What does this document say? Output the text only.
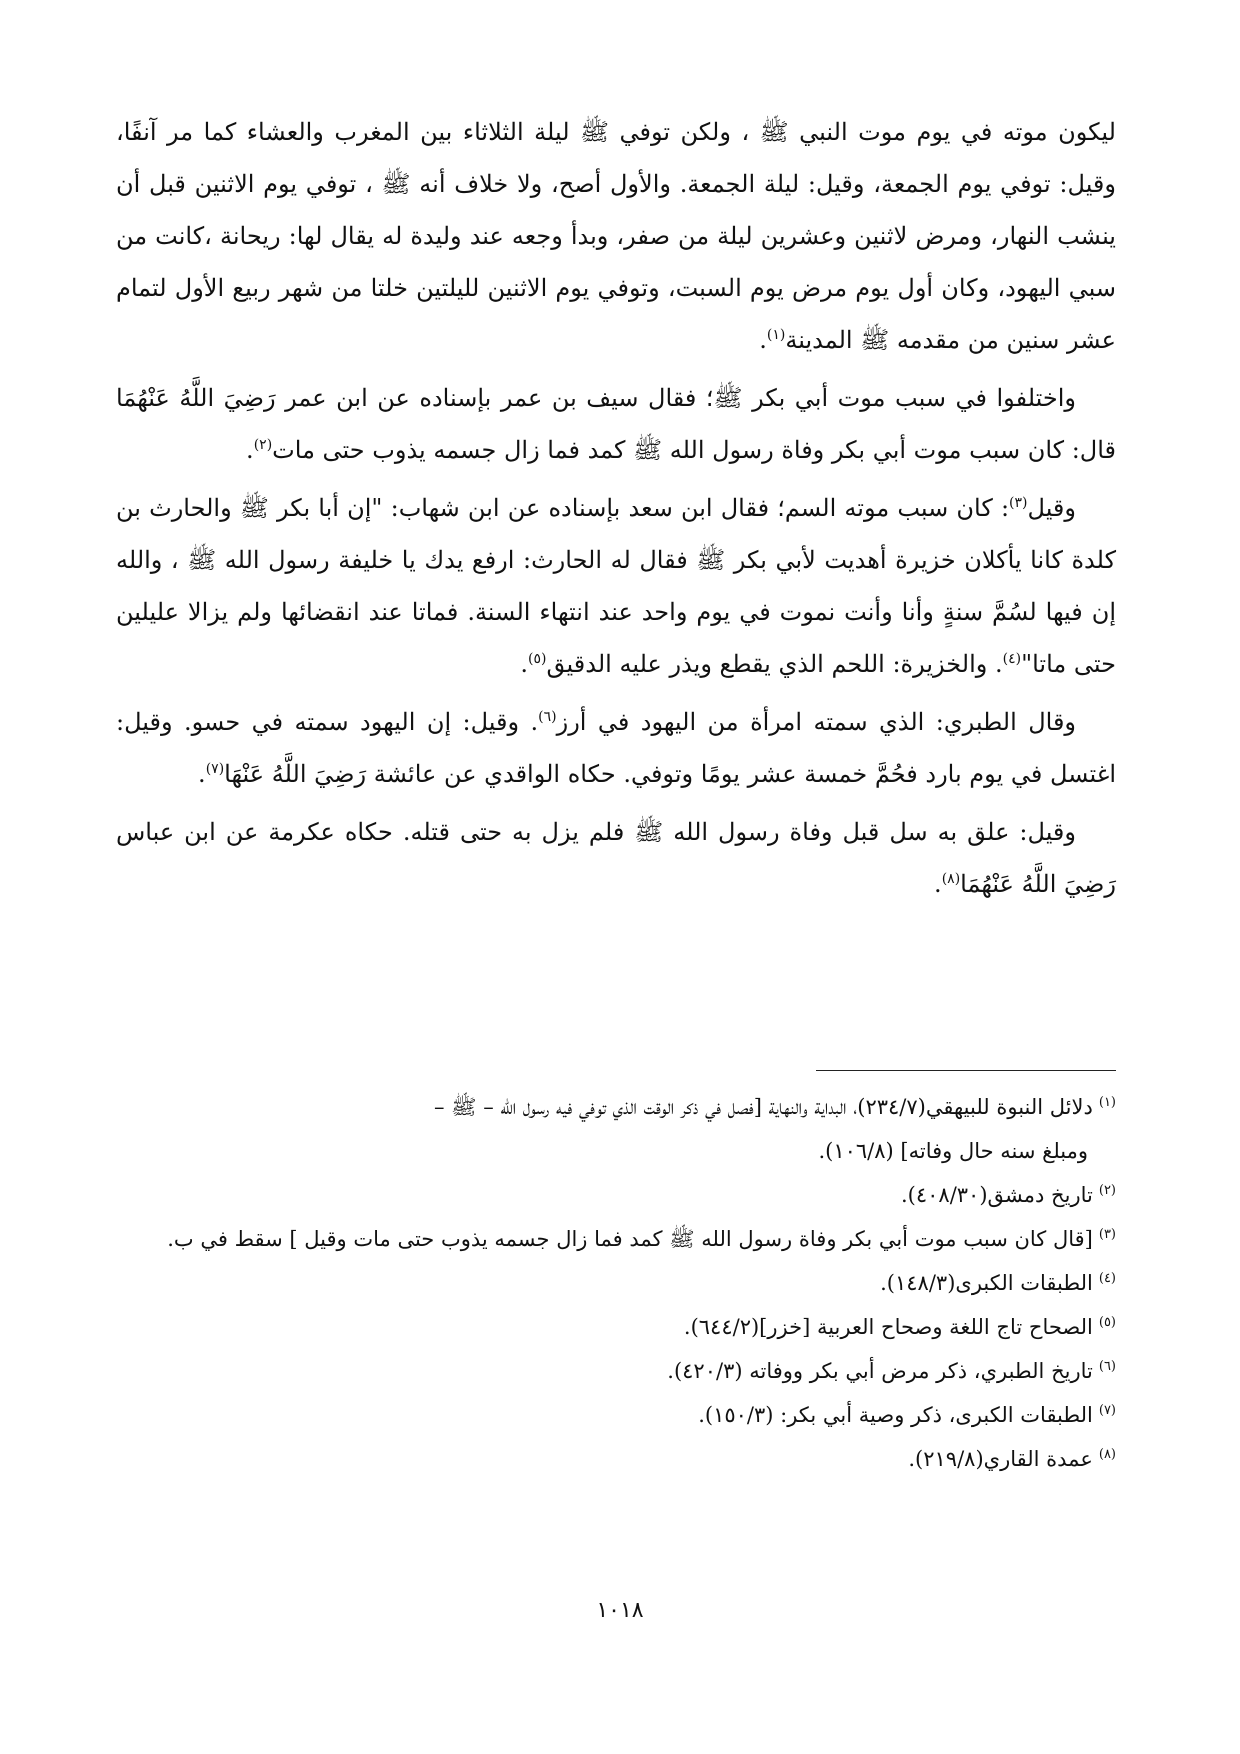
ليكون موته في يوم موت النبي ﷺ ، ولكن توفي ﷺ ليلة الثلاثاء بين المغرب والعشاء كما مر آنفًا، وقيل: توفي يوم الجمعة، وقيل: ليلة الجمعة. والأول أصح، ولا خلاف أنه ﷺ ، توفي يوم الاثنين قبل أن ينشب النهار، ومرض لاثنين وعشرين ليلة من صفر، وبدأ وجعه عند وليدة له يقال لها: ريحانة ،كانت من سبي اليهود، وكان أول يوم مرض يوم السبت، وتوفي يوم الاثنين لليلتين خلتا من شهر ربيع الأول لتمام عشر سنين من مقدمه ﷺ المدينة$^{(١)}$.

واختلفوا في سبب موت أبي بكر ﷺ؛ فقال سيف بن عمر بإسناده عن ابن عمر رَضِيَ اللَّهُ عَنْهُمَا قال: كان سبب موت أبي بكر وفاة رسول الله ﷺ كمد فما زال جسمه يذوب حتى مات$^{(٢)}$.

وقيل$^{(٣)}$: كان سبب موته السم؛ فقال ابن سعد بإسناده عن ابن شهاب: "إن أبا بكر ﷺ والحارث بن كلدة كانا يأكلان خزيرة أهديت لأبي بكر ﷺ فقال له الحارث: ارفع يدك يا خليفة رسول الله ﷺ ، والله إن فيها لسُمَّ سنةٍ وأنا وأنت نموت في يوم واحد عند انتهاء السنة. فماتا عند انقضائها ولم يزالا عليلين حتى ماتا"$^{(٤)}$. والخزيرة: اللحم الذي يقطع ويذر عليه الدقيق$^{(٥)}$.

وقال الطبري: الذي سمته امرأة من اليهود في أرز$^{(٦)}$. وقيل: إن اليهود سمته في حسو. وقيل: اغتسل في يوم بارد فحُمَّ خمسة عشر يومًا وتوفي. حكاه الواقدي عن عائشة رَضِيَ اللَّهُ عَنْهَا$^{(٧)}$.

وقيل: علق به سل قبل وفاة رسول الله ﷺ فلم يزل به حتى قتله. حكاه عكرمة عن ابن عباس رَضِيَ اللَّهُ عَنْهُمَا$^{(٨)}$.

$^{(١)}$دلائل النبوة للبيهقي(٢٣٤/٧)، البداية والنهاية [فصل في ذكر الوقت الذي توفي فيه رسول الله – ﷺ –
ومبلغ سنه حال وفاته] (١٠٦/٨).

$^{(٢)}$تاريخ دمشق(٤٠٨/٣٠).

$^{(٣)}$[قال كان سبب موت أبي بكر وفاة رسول الله ﷺ كمد فما زال جسمه يذوب حتى مات وقيل ] سقط في ب.

$^{(٤)}$الطبقات الكبرى(١٤٨/٣).

$^{(٥)}$الصحاح تاج اللغة وصحاح العربية [خزر](٦٤٤/٢).

$^{(٦)}$تاريخ الطبري، ذكر مرض أبي بكر ووفاته (٤٢٠/٣).

$^{(٧)}$الطبقات الكبرى، ذكر وصية أبي بكر: (١٥٠/٣).

$^{(٨)}$عمدة القاري(٢١٩/٨).

١٠١٨
